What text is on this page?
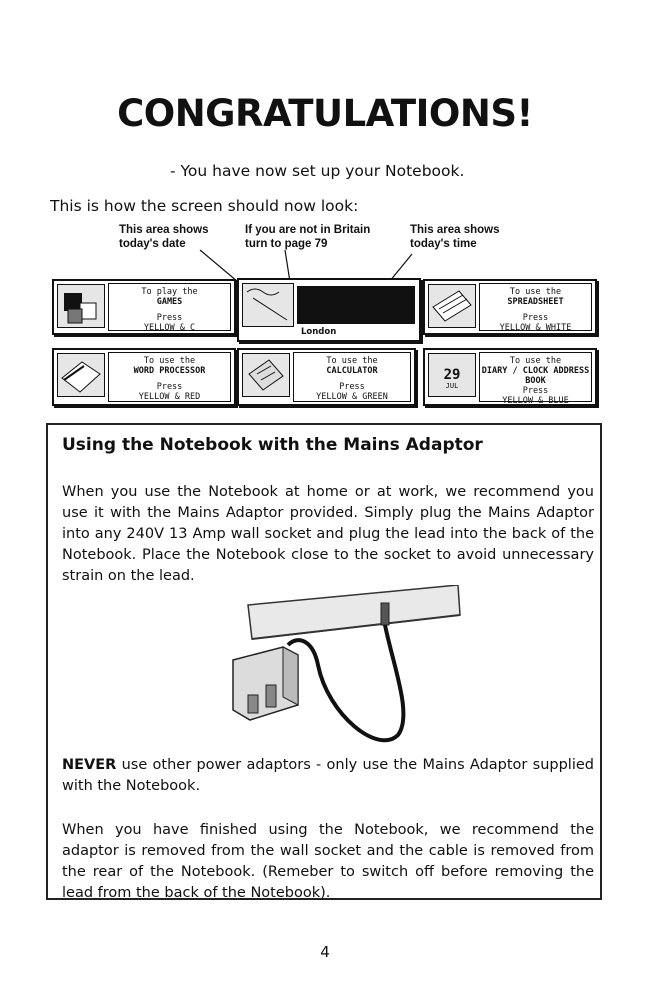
CONGRATULATIONS!
- You have now set up your Notebook.
This is how the screen should now look:
This area shows
today's date
If you are not in Britain
turn to page 79
This area shows
today's time
To play the
GAMES
Press
YELLOW & C	London
To use the
SPREADSHEET
Press
YELLOW & WHITE
To use the
WORD PROCESSOR
Press
YELLOW & RED
To use the
CALCULATOR
Press
YELLOW & GREEN
29
JUL
To use the
DIARY / CLOCK ADDRESS BOOK
Press
YELLOW & BLUE
Using the Notebook with the Mains Adaptor
When you use the Notebook at home or at work, we recommend you use it with the Mains Adaptor provided. Simply plug the Mains Adaptor into any 240V 13 Amp wall socket and plug the lead into the back of the Notebook. Place the Notebook close to the socket to avoid unnecessary strain on the lead.
NEVER use other power adaptors - only use the Mains Adaptor supplied with the Notebook.
When you have finished using the Notebook, we recommend the adaptor is removed from the wall socket and the cable is removed from the rear of the Notebook. (Remeber to switch off before removing the lead from the back of the Notebook).
4
